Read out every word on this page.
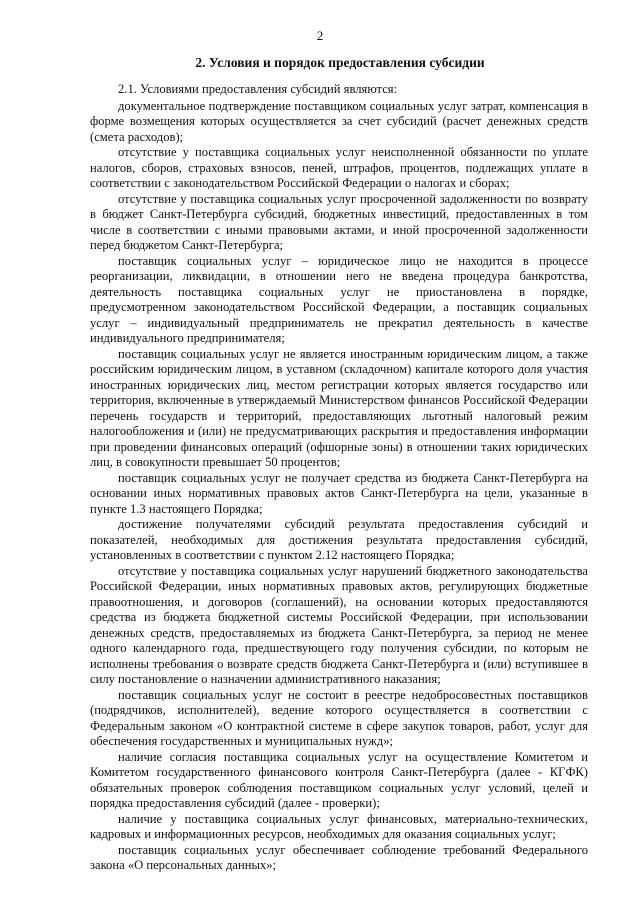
2
2. Условия и порядок предоставления субсидии

2.1. Условиями предоставления субсидий являются:

документальное подтверждение поставщиком социальных услуг затрат, компенсация в форме возмещения которых осуществляется за счет субсидий (расчет денежных средств (смета расходов);

отсутствие у поставщика социальных услуг неисполненной обязанности по уплате налогов, сборов, страховых взносов, пеней, штрафов, процентов, подлежащих уплате в соответствии с законодательством Российской Федерации о налогах и сборах;

отсутствие у поставщика социальных услуг просроченной задолженности по возврату в бюджет Санкт-Петербурга субсидий, бюджетных инвестиций, предоставленных в том числе в соответствии с иными правовыми актами, и иной просроченной задолженности перед бюджетом Санкт-Петербурга;

поставщик социальных услуг – юридическое лицо не находится в процессе реорганизации, ликвидации, в отношении него не введена процедура банкротства, деятельность поставщика социальных услуг не приостановлена в порядке, предусмотренном законодательством Российской Федерации, а поставщик социальных услуг – индивидуальный предприниматель не прекратил деятельность в качестве индивидуального предпринимателя;

поставщик социальных услуг не является иностранным юридическим лицом, а также российским юридическим лицом, в уставном (складочном) капитале которого доля участия иностранных юридических лиц, местом регистрации которых является государство или территория, включенные в утверждаемый Министерством финансов Российской Федерации перечень государств и территорий, предоставляющих льготный налоговый режим налогообложения и (или) не предусматривающих раскрытия и предоставления информации при проведении финансовых операций (офшорные зоны) в отношении таких юридических лиц, в совокупности превышает 50 процентов;

поставщик социальных услуг не получает средства из бюджета Санкт-Петербурга на основании иных нормативных правовых актов Санкт-Петербурга на цели, указанные в пункте 1.3 настоящего Порядка;

достижение получателями субсидий результата предоставления субсидий и показателей, необходимых для достижения результата предоставления субсидий, установленных в соответствии с пунктом 2.12 настоящего Порядка;

отсутствие у поставщика социальных услуг нарушений бюджетного законодательства Российской Федерации, иных нормативных правовых актов, регулирующих бюджетные правоотношения, и договоров (соглашений), на основании которых предоставляются средства из бюджета бюджетной системы Российской Федерации, при использовании денежных средств, предоставляемых из бюджета Санкт-Петербурга, за период не менее одного календарного года, предшествующего году получения субсидии, по которым не исполнены требования о возврате средств бюджета Санкт-Петербурга и (или) вступившее в силу постановление о назначении административного наказания;

поставщик социальных услуг не состоит в реестре недобросовестных поставщиков (подрядчиков, исполнителей), ведение которого осуществляется в соответствии с Федеральным законом «О контрактной системе в сфере закупок товаров, работ, услуг для обеспечения государственных и муниципальных нужд»;

наличие согласия поставщика социальных услуг на осуществление Комитетом и Комитетом государственного финансового контроля Санкт-Петербурга (далее - КГФК) обязательных проверок соблюдения поставщиком социальных услуг условий, целей и порядка предоставления субсидий (далее - проверки);

наличие у поставщика социальных услуг финансовых, материально-технических, кадровых и информационных ресурсов, необходимых для оказания социальных услуг;

поставщик социальных услуг обеспечивает соблюдение требований Федерального закона «О персональных данных»;
